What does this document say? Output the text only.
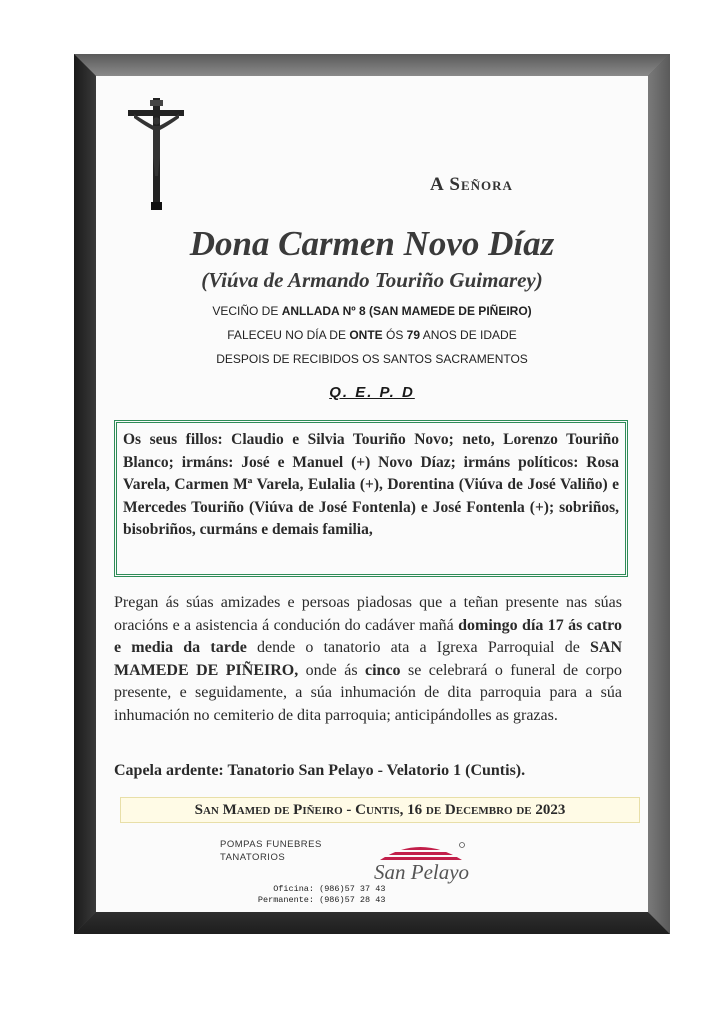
A Señora
Dona Carmen Novo Díaz
(Viúva de Armando Touriño Guimarey)
VECIÑO DE ANLLADA Nº 8 (SAN MAMEDE DE PIÑEIRO)
FALECEU NO DÍA DE ONTE ÓS 79 ANOS DE IDADE
DESPOIS DE RECIBIDOS OS SANTOS SACRAMENTOS
Q. E. P. D
Os seus fillos: Claudio e Silvia Touriño Novo; neto, Lorenzo Touriño Blanco; irmáns: José e Manuel (+) Novo Díaz; irmáns políticos: Rosa Varela, Carmen Mª Varela, Eulalia (+), Dorentina (Viúva de José Valiño) e Mercedes Touriño (Viúva de José Fontenla) e José Fontenla (+); sobriños, bisobriños, curmáns e demais familia,
Pregan ás súas amizades e persoas piadosas que a teñan presente nas súas oracións e a asistencia á condución do cadáver mañá domingo día 17 ás catro e media da tarde dende o tanatorio ata a Igrexa Parroquial de SAN MAMEDE DE PIÑEIRO, onde ás cinco se celebrará o funeral de corpo presente, e seguidamente, a súa inhumación de dita parroquia para a súa inhumación no cemiterio de dita parroquia; anticipándolles as grazas.
Capela ardente: Tanatorio San Pelayo - Velatorio 1 (Cuntis).
San Mamed de Piñeiro - Cuntis, 16 de Decembro de 2023
POMPAS FUNEBRES
TANATORIOS
San Pelayo
Oficina: (986)57 37 43
Permanente: (986)57 28 43
